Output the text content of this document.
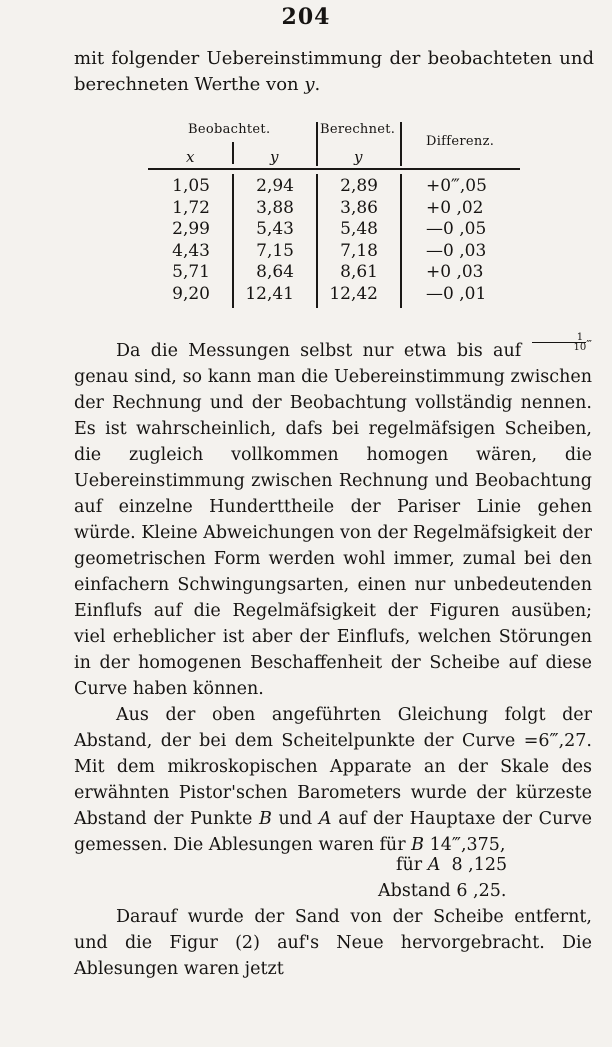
204
mit folgender Uebereinstimmung der beobachteten und
berechneten Werthe von y.
Beobachtet.	Berechnet.
Differenz.
x	y	y
1,05	2,94	2,89	+0‴,05
1,72	3,88	3,86	+0 ,02
2,99	5,43	5,48	—0 ,05
4,43	7,15	7,18	—0 ,03
5,71	8,64	8,61	+0 ,03
9,20 12,41 12,42	—0 ,01

Da die Messungen selbst nur etwa bis auf $\frac{1}{10} ^‴$ genau sind, so kann man die Uebereinstimmung zwischen der Rechnung und der Beobachtung vollständig nennen. Es ist wahrscheinlich, dafs bei regelmäfsigen Scheiben, die zugleich vollkommen homogen wären, die Uebereinstimmung zwischen Rechnung und Beobachtung auf einzelne Hunderttheile der Pariser Linie gehen würde. Kleine Abweichungen von der Regelmäfsigkeit der geometrischen Form werden wohl immer, zumal bei den einfachern Schwingungsarten, einen nur unbedeutenden Einflufs auf die Regelmäfsigkeit der Figuren ausüben; viel erheblicher ist aber der Einflufs, welchen Störungen in der homogenen Beschaffenheit der Scheibe auf diese Curve haben können.

Aus der oben angeführten Gleichung folgt der Abstand, der bei dem Scheitelpunkte der Curve =6‴,27. Mit dem mikroskopischen Apparate an der Skale des erwähnten Pistor'schen Barometers wurde der kürzeste Abstand der Punkte B und A auf der Hauptaxe der Curve gemessen. Die Ablesungen waren für B 14‴,375,

für A 8 ,125
Abstand 6 ,25.

Darauf wurde der Sand von der Scheibe entfernt, und die Figur (2) auf's Neue hervorgebracht. Die Ablesungen waren jetzt
